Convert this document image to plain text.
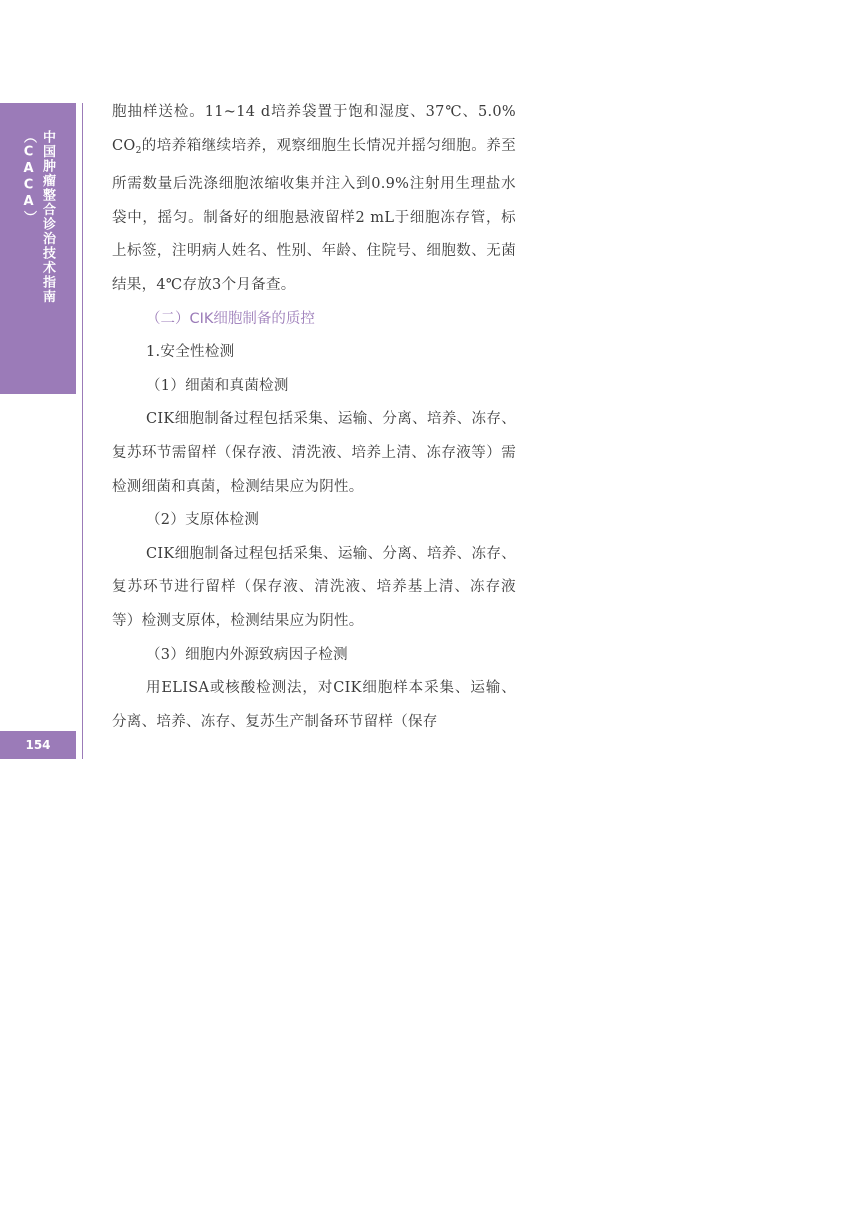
中国肿瘤整合诊治技术指南（CACA）
154

胞抽样送检。11~14 d培养袋置于饱和湿度、37℃、5.0% $CO_2$的培养箱继续培养，观察细胞生长情况并摇匀细胞。养至所需数量后洗涤细胞浓缩收集并注入到0.9%注射用生理盐水袋中，摇匀。制备好的细胞悬液留样2 mL于细胞冻存管，标上标签，注明病人姓名、性别、年龄、住院号、细胞数、无菌结果，4℃存放3个月备查。

（二）CIK细胞制备的质控

1.安全性检测

（1）细菌和真菌检测

CIK细胞制备过程包括采集、运输、分离、培养、冻存、复苏环节需留样（保存液、清洗液、培养上清、冻存液等）需检测细菌和真菌，检测结果应为阴性。

（2）支原体检测

CIK细胞制备过程包括采集、运输、分离、培养、冻存、复苏环节进行留样（保存液、清洗液、培养基上清、冻存液等）检测支原体，检测结果应为阴性。

（3）细胞内外源致病因子检测

用ELISA或核酸检测法，对CIK细胞样本采集、运输、分离、培养、冻存、复苏生产制备环节留样（保存
